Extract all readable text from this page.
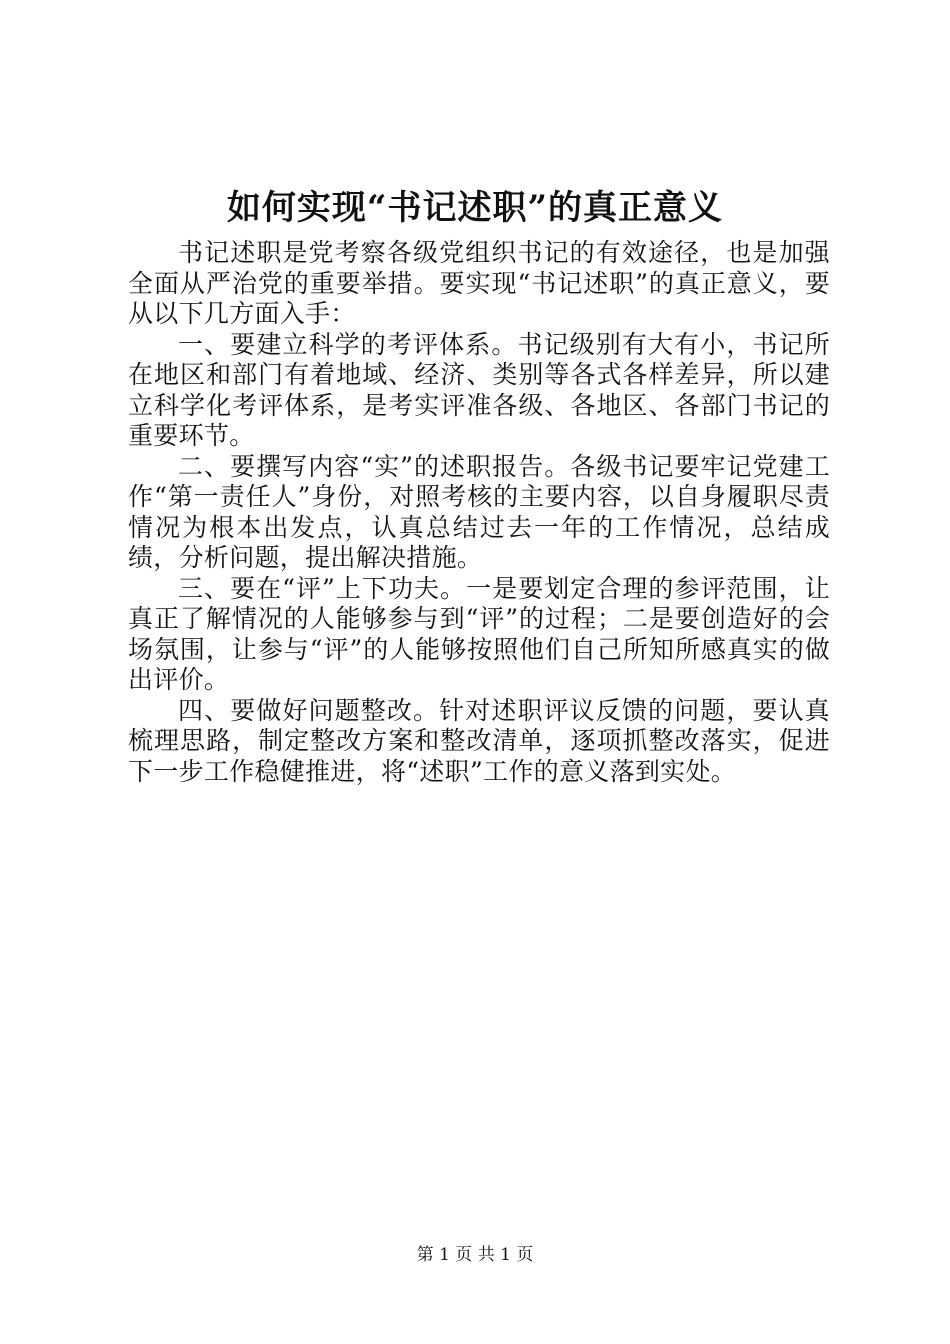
如何实现“书记述职”的真正意义

书记述职是党考察各级党组织书记的有效途径，也是加强全面从严治党的重要举措。要实现“书记述职”的真正意义，要从以下几方面入手：

一、要建立科学的考评体系。书记级别有大有小，书记所在地区和部门有着地域、经济、类别等各式各样差异，所以建立科学化考评体系，是考实评准各级、各地区、各部门书记的重要环节。

二、要撰写内容“实”的述职报告。各级书记要牢记党建工作“第一责任人”身份，对照考核的主要内容，以自身履职尽责情况为根本出发点，认真总结过去一年的工作情况，总结成绩，分析问题，提出解决措施。

三、要在“评”上下功夫。一是要划定合理的参评范围，让真正了解情况的人能够参与到“评”的过程；二是要创造好的会场氛围，让参与“评”的人能够按照他们自己所知所感真实的做出评价。

四、要做好问题整改。针对述职评议反馈的问题，要认真梳理思路，制定整改方案和整改清单，逐项抓整改落实，促进下一步工作稳健推进，将“述职”工作的意义落到实处。

第 1 页 共 1 页
